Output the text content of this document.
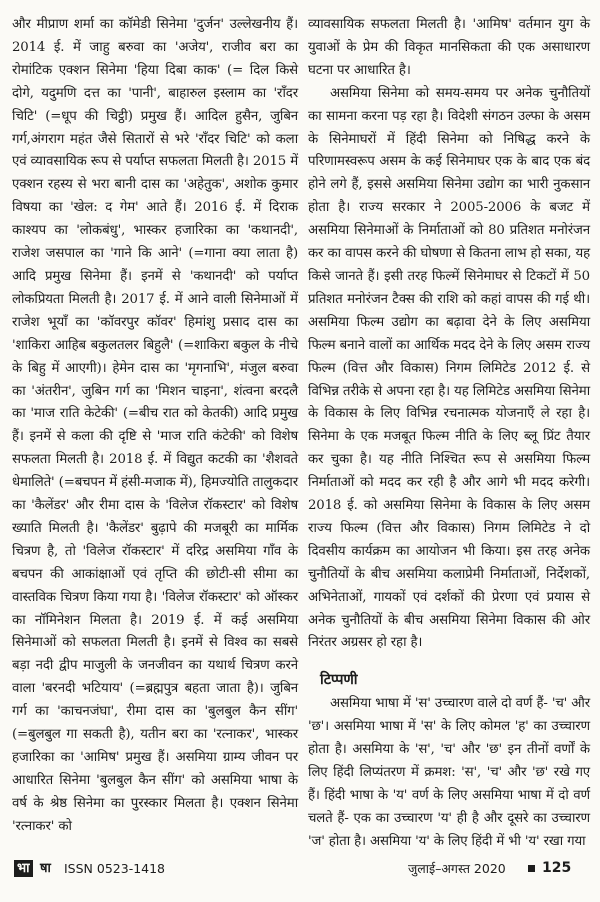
और मीप्राण शर्मा का कॉमेडी सिनेमा 'दुर्जन' उल्लेखनीय हैं। 2014 ई. में जाहु बरुवा का 'अजेय', राजीव बरा का रोमांटिक एक्शन सिनेमा 'हिया दिबा काक' (= दिल किसे दोगे, यदुमणि दत्त का 'पानी', बाहारुल इस्लाम का 'राँदर चिटि' (=धूप की चिट्ठी) प्रमुख हैं। आदिल हुसैन, जुबिन गर्ग,अंगराग महंत जैसे सितारों से भरे 'राँदर चिटि' को कला एवं व्यावसायिक रूप से पर्याप्त सफलता मिलती है। 2015 में एक्शन रहस्य से भरा बानी दास का 'अहेतुक', अशोक कुमार विषया का 'खेल: द गेम' आते हैं। 2016 ई. में दिराक काश्यप का 'लोकबंधु', भास्कर हजारिका का 'कथानदी', राजेश जसपाल का 'गाने कि आने' (=गाना क्या लाता है) आदि प्रमुख सिनेमा हैं। इनमें से 'कथानदी' को पर्याप्त लोकप्रियता मिलती है। 2017 ई. में आने वाली सिनेमाओं में राजेश भूयाँ का 'कॉवरपुर कॉवर' हिमांशु प्रसाद दास का 'शाकिरा आहिब बकुलतलर बिहुलै' (=शाकिरा बकुल के नीचे के बिहु में आएगी)। हेमेन दास का 'मृगनाभि', मंजुल बरुवा का 'अंतरीन', जुबिन गर्ग का 'मिशन चाइना', शंत्वना बरदलै का 'माज राति केटेकी' (=बीच रात को केतकी) आदि प्रमुख हैं। इनमें से कला की दृष्टि से 'माज राति कंटेकी' को विशेष सफलता मिलती है। 2018 ई. में विद्युत कटकी का 'शैशवते धेमालिते' (=बचपन में हंसी-मजाक में), हिमज्योति तालुकदार का 'कैलेंडर' और रीमा दास के 'विलेज रॉकस्टार' को विशेष ख्याति मिलती है। 'कैलेंडर' बुढ़ापे की मजबूरी का मार्मिक चित्रण है, तो 'विलेज रॉकस्टार' में दरिद्र असमिया गाँव के बचपन की आकांक्षाओं एवं तृप्ति की छोटी-सी सीमा का वास्तविक चित्रण किया गया है। 'विलेज रॉकस्टार' को ऑस्कर का नॉमिनेशन मिलता है। 2019 ई. में कई असमिया सिनेमाओं को सफलता मिलती है। इनमें से विश्व का सबसे बड़ा नदी द्वीप माजुली के जनजीवन का यथार्थ चित्रण करने वाला 'बरनदी भटियाय' (=ब्रह्मपुत्र बहता जाता है)। जुबिन गर्ग का 'काचनजंघा', रीमा दास का 'बुलबुल कैन सींग' (=बुलबुल गा सकती है), यतीन बरा का 'रत्नाकर', भास्कर हजारिका का 'आमिष' प्रमुख हैं। असमिया ग्राम्य जीवन पर आधारित सिनेमा 'बुलबुल कैन सींग' को असमिया भाषा के वर्ष के श्रेष्ठ सिनेमा का पुरस्कार मिलता है। एक्शन सिनेमा 'रत्नाकर' को

व्यावसायिक सफलता मिलती है। 'आमिष' वर्तमान युग के युवाओं के प्रेम की विकृत मानसिकता की एक असाधारण घटना पर आधारित है।

असमिया सिनेमा को समय-समय पर अनेक चुनौतियों का सामना करना पड़ रहा है। विदेशी संगठन उल्फा के असम के सिनेमाघरों में हिंदी सिनेमा को निषिद्ध करने के परिणामस्वरूप असम के कई सिनेमाघर एक के बाद एक बंद होने लगे हैं, इससे असमिया सिनेमा उद्योग का भारी नुकसान होता है। राज्य सरकार ने 2005-2006 के बजट में असमिया सिनेमाओं के निर्माताओं को 80 प्रतिशत मनोरंजन कर का वापस करने की घोषणा से कितना लाभ हो सका, यह किसे जानते हैं। इसी तरह फिल्में सिनेमाघर से टिकटों में 50 प्रतिशत मनोरंजन टैक्स की राशि को कहां वापस की गई थी। असमिया फिल्म उद्योग का बढ़ावा देने के लिए असमिया फिल्म बनाने वालों का आर्थिक मदद देने के लिए असम राज्य फिल्म (वित्त और विकास) निगम लिमिटेड 2012 ई. से विभिन्न तरीके से अपना रहा है। यह लिमिटेड असमिया सिनेमा के विकास के लिए विभिन्न रचनात्मक योजनाएँ ले रहा है। सिनेमा के एक मजबूत फिल्म नीति के लिए ब्लू प्रिंट तैयार कर चुका है। यह नीति निश्चित रूप से असमिया फिल्म निर्माताओं को मदद कर रही है और आगे भी मदद करेगी। 2018 ई. को असमिया सिनेमा के विकास के लिए असम राज्य फिल्म (वित्त और विकास) निगम लिमिटेड ने दो दिवसीय कार्यक्रम का आयोजन भी किया। इस तरह अनेक चुनौतियों के बीच असमिया कलाप्रेमी निर्माताओं, निर्देशकों, अभिनेताओं, गायकों एवं दर्शकों की प्रेरणा एवं प्रयास से अनेक चुनौतियों के बीच असमिया सिनेमा विकास की ओर निरंतर अग्रसर हो रहा है।

टिप्पणी

असमिया भाषा में 'स' उच्चारण वाले दो वर्ण हैं- 'च' और 'छ'। असमिया भाषा में 'स' के लिए कोमल 'ह' का उच्चारण होता है। असमिया के 'स', 'च' और 'छ' इन तीनों वर्णों के लिए हिंदी लिप्यंतरण में क्रमश: 'स', 'च' और 'छ' रखे गए हैं। हिंदी भाषा के 'य' वर्ण के लिए असमिया भाषा में दो वर्ण चलते हैं- एक का उच्चारण 'य' ही है और दूसरे का उच्चारण 'ज' होता है। असमिया 'य' के लिए हिंदी में भी 'य' रखा गया

भा षा ISSN 0523-1418	जुलाई–अगस्त 2020	125
